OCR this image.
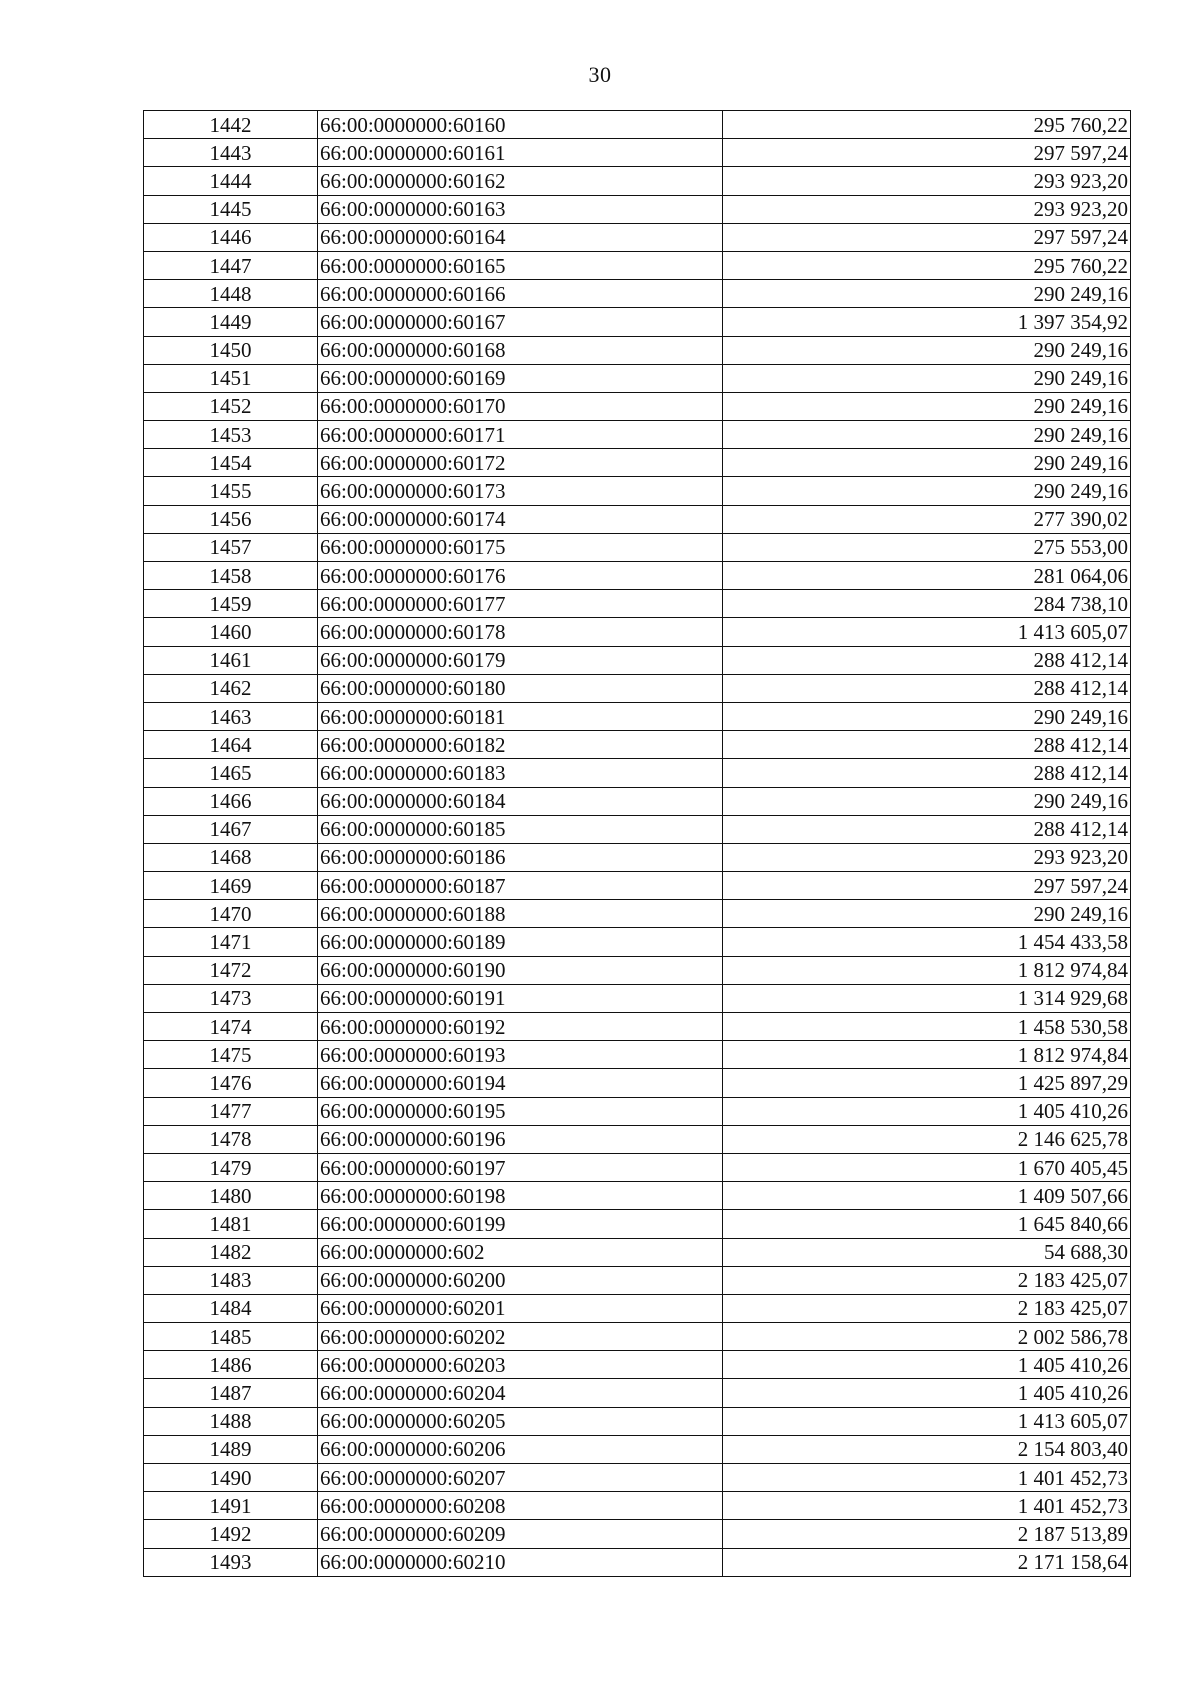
30
1442	66:00:0000000:60160	295 760,22
1443	66:00:0000000:60161	297 597,24
1444	66:00:0000000:60162	293 923,20
1445	66:00:0000000:60163	293 923,20
1446	66:00:0000000:60164	297 597,24
1447	66:00:0000000:60165	295 760,22
1448	66:00:0000000:60166	290 249,16
1449	66:00:0000000:60167	1 397 354,92
1450	66:00:0000000:60168	290 249,16
1451	66:00:0000000:60169	290 249,16
1452	66:00:0000000:60170	290 249,16
1453	66:00:0000000:60171	290 249,16
1454	66:00:0000000:60172	290 249,16
1455	66:00:0000000:60173	290 249,16
1456	66:00:0000000:60174	277 390,02
1457	66:00:0000000:60175	275 553,00
1458	66:00:0000000:60176	281 064,06
1459	66:00:0000000:60177	284 738,10
1460	66:00:0000000:60178	1 413 605,07
1461	66:00:0000000:60179	288 412,14
1462	66:00:0000000:60180	288 412,14
1463	66:00:0000000:60181	290 249,16
1464	66:00:0000000:60182	288 412,14
1465	66:00:0000000:60183	288 412,14
1466	66:00:0000000:60184	290 249,16
1467	66:00:0000000:60185	288 412,14
1468	66:00:0000000:60186	293 923,20
1469	66:00:0000000:60187	297 597,24
1470	66:00:0000000:60188	290 249,16
1471	66:00:0000000:60189	1 454 433,58
1472	66:00:0000000:60190	1 812 974,84
1473	66:00:0000000:60191	1 314 929,68
1474	66:00:0000000:60192	1 458 530,58
1475	66:00:0000000:60193	1 812 974,84
1476	66:00:0000000:60194	1 425 897,29
1477	66:00:0000000:60195	1 405 410,26
1478	66:00:0000000:60196	2 146 625,78
1479	66:00:0000000:60197	1 670 405,45
1480	66:00:0000000:60198	1 409 507,66
1481	66:00:0000000:60199	1 645 840,66
1482	66:00:0000000:602	54 688,30
1483	66:00:0000000:60200	2 183 425,07
1484	66:00:0000000:60201	2 183 425,07
1485	66:00:0000000:60202	2 002 586,78
1486	66:00:0000000:60203	1 405 410,26
1487	66:00:0000000:60204	1 405 410,26
1488	66:00:0000000:60205	1 413 605,07
1489	66:00:0000000:60206	2 154 803,40
1490	66:00:0000000:60207	1 401 452,73
1491	66:00:0000000:60208	1 401 452,73
1492	66:00:0000000:60209	2 187 513,89
1493	66:00:0000000:60210	2 171 158,64
